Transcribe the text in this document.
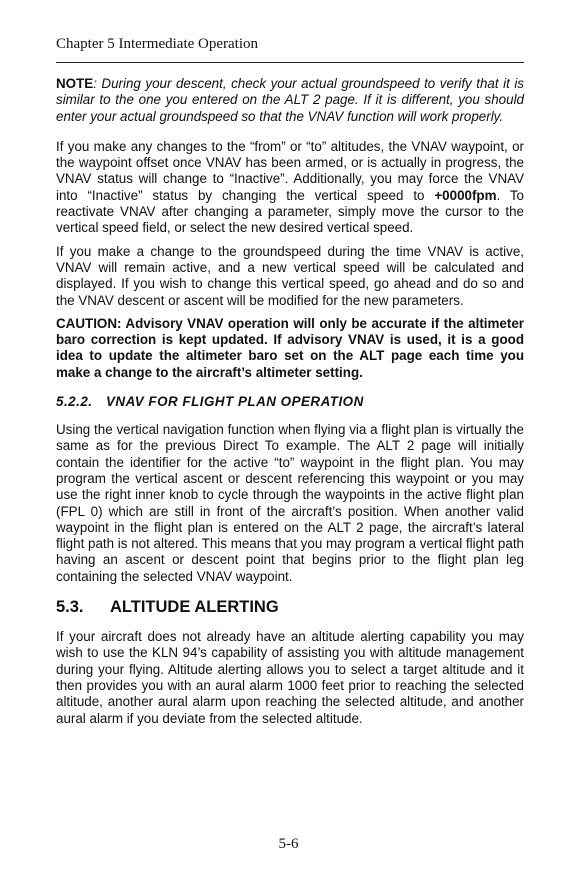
Chapter 5 Intermediate Operation

NOTE: During your descent, check your actual groundspeed to verify that it is similar to the one you entered on the ALT 2 page. If it is different, you should enter your actual groundspeed so that the VNAV function will work properly.

If you make any changes to the “from” or “to” altitudes, the VNAV waypoint, or the waypoint offset once VNAV has been armed, or is actually in progress, the VNAV status will change to “Inactive”. Additionally, you may force the VNAV into “Inactive” status by changing the vertical speed to +0000fpm. To reactivate VNAV after changing a parameter, simply move the cursor to the vertical speed field, or select the new desired vertical speed.

If you make a change to the groundspeed during the time VNAV is active, VNAV will remain active, and a new vertical speed will be calculated and displayed. If you wish to change this vertical speed, go ahead and do so and the VNAV descent or ascent will be modified for the new parameters.

CAUTION: Advisory VNAV operation will only be accurate if the altimeter baro correction is kept updated. If advisory VNAV is used, it is a good idea to update the altimeter baro set on the ALT page each time you make a change to the aircraft’s altimeter setting.

5.2.2.	VNAV FOR FLIGHT PLAN OPERATION

Using the vertical navigation function when flying via a flight plan is virtually the same as for the previous Direct To example. The ALT 2 page will initially contain the identifier for the active “to” waypoint in the flight plan. You may program the vertical ascent or descent referencing this waypoint or you may use the right inner knob to cycle through the waypoints in the active flight plan (FPL 0) which are still in front of the aircraft’s position. When another valid waypoint in the flight plan is entered on the ALT 2 page, the aircraft’s lateral flight path is not altered. This means that you may program a vertical flight path having an ascent or descent point that begins prior to the flight plan leg containing the selected VNAV waypoint.

5.3.	ALTITUDE ALERTING

If your aircraft does not already have an altitude alerting capability you may wish to use the KLN 94’s capability of assisting you with altitude management during your flying. Altitude alerting allows you to select a target altitude and it then provides you with an aural alarm 1000 feet prior to reaching the selected altitude, another aural alarm upon reaching the selected altitude, and another aural alarm if you deviate from the selected altitude.

5-6
